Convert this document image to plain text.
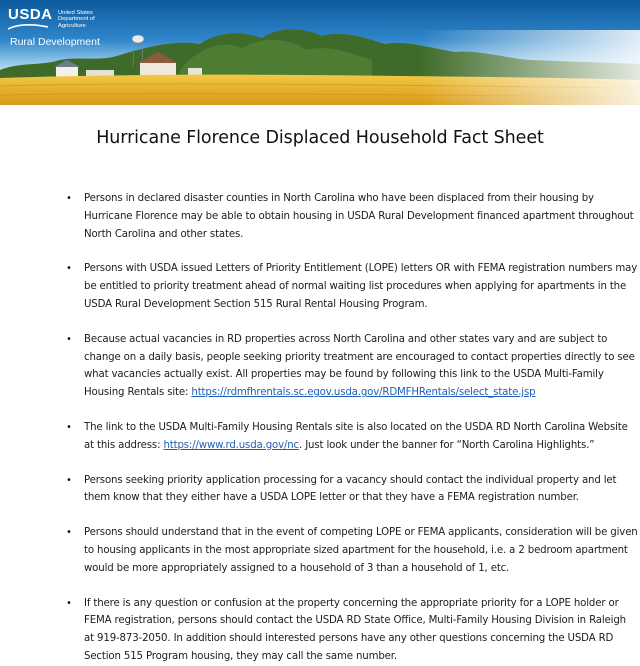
USDA United States
Department of
Agriculture
Rural Development
Hurricane Florence Displaced Household Fact Sheet
• Persons in declared disaster counties in North Carolina who have been displaced from their housing by Hurricane Florence may be able to obtain housing in USDA Rural Development financed apartment throughout North Carolina and other states.
• Persons with USDA issued Letters of Priority Entitlement (LOPE) letters OR with FEMA registration numbers may be entitled to priority treatment ahead of normal waiting list procedures when applying for apartments in the USDA Rural Development Section 515 Rural Rental Housing Program.
• Because actual vacancies in RD properties across North Carolina and other states vary and are subject to change on a daily basis, people seeking priority treatment are encouraged to contact properties directly to see what vacancies actually exist. All properties may be found by following this link to the USDA Multi-Family Housing Rentals site: https://rdmfhrentals.sc.egov.usda.gov/RDMFHRentals/select_state.jsp
• The link to the USDA Multi-Family Housing Rentals site is also located on the USDA RD North Carolina Website at this address: https://www.rd.usda.gov/nc. Just look under the banner for “North Carolina Highlights.”
• Persons seeking priority application processing for a vacancy should contact the individual property and let them know that they either have a USDA LOPE letter or that they have a FEMA registration number.
• Persons should understand that in the event of competing LOPE or FEMA applicants, consideration will be given to housing applicants in the most appropriate sized apartment for the household, i.e. a 2 bedroom apartment would be more appropriately assigned to a household of 3 than a household of 1, etc.
• If there is any question or confusion at the property concerning the appropriate priority for a LOPE holder or FEMA registration, persons should contact the USDA RD State Office, Multi-Family Housing Division in Raleigh at 919-873-2050. In addition should interested persons have any other questions concerning the USDA RD Section 515 Program housing, they may call the same number.
